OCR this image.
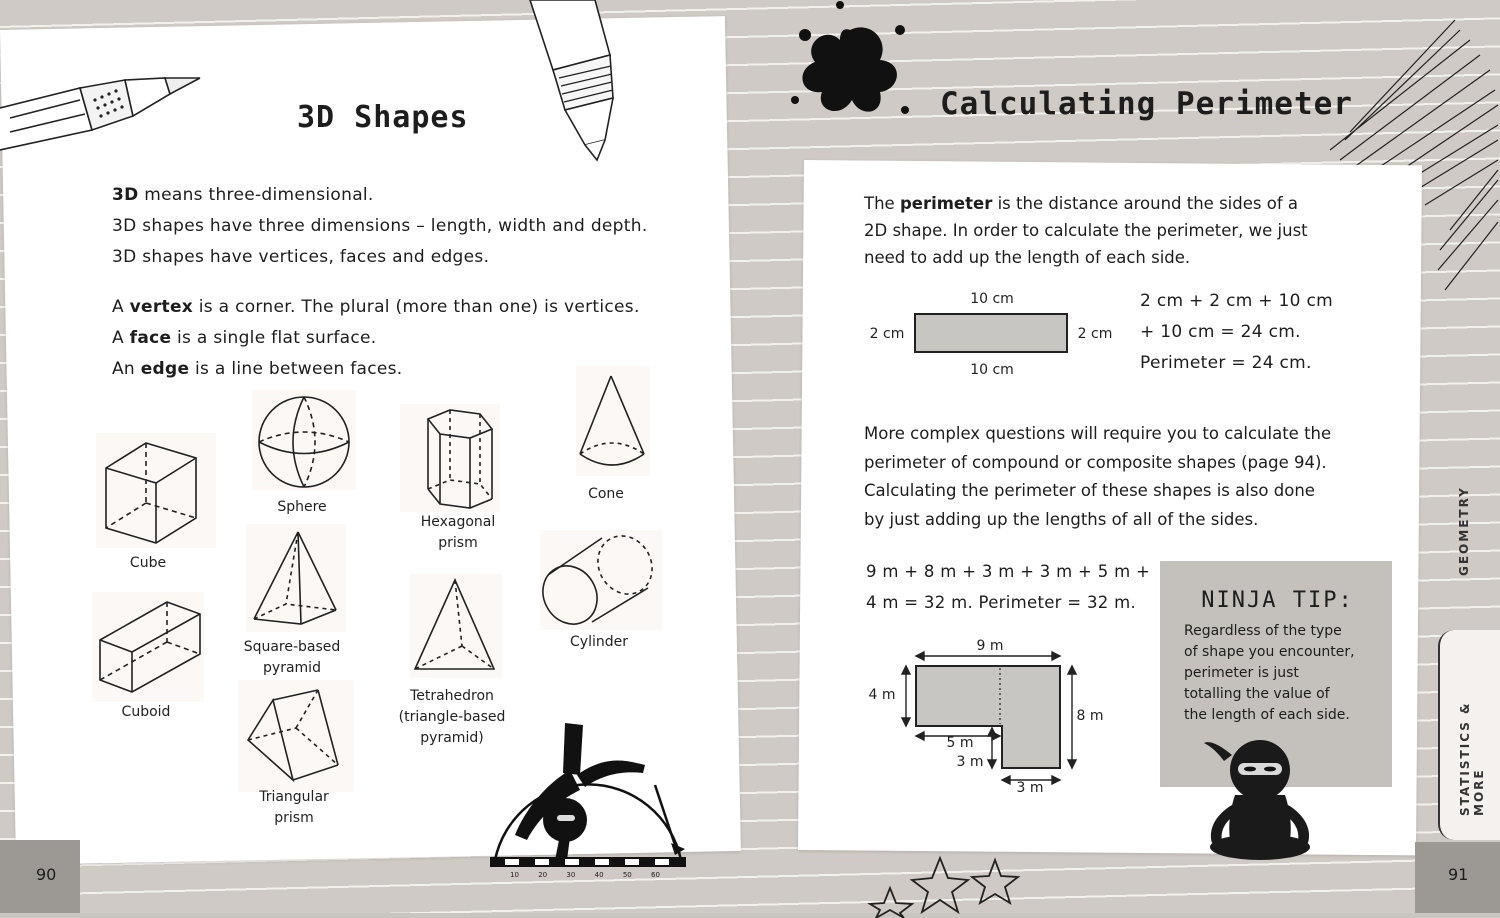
3D Shapes
3D means three-dimensional.
3D shapes have three dimensions – length, width and depth.
3D shapes have vertices, faces and edges.
A vertex is a corner. The plural (more than one) is vertices.
A face is a single flat surface.
An edge is a line between faces.
Cube
Sphere
Hexagonal prism
Cone
Cuboid
Square-based pyramid
Tetrahedron (triangle-based pyramid)
Cylinder
Triangular prism
10	20	30	40	50	60
90
Calculating Perimeter
The perimeter is the distance around the sides of a 2D shape. In order to calculate the perimeter, we just need to add up the length of each side.
10 cm
10 cm
2 cm	2 cm
2 cm + 2 cm + 10 cm
+ 10 cm = 24 cm.
Perimeter = 24 cm.
More complex questions will require you to calculate the
perimeter of compound or composite shapes (page 94).
Calculating the perimeter of these shapes is also done
by just adding up the lengths of all of the sides.
9 m + 8 m + 3 m + 3 m + 5 m +
4 m = 32 m. Perimeter = 32 m.
9 m
4 m
8 m
5 m
3 m
3 m
NINJA TIP:
Regardless of the type
of shape you encounter,
perimeter is just
totalling the value of
the length of each side.
GEOMETRY
STATISTICS & MORE
91
